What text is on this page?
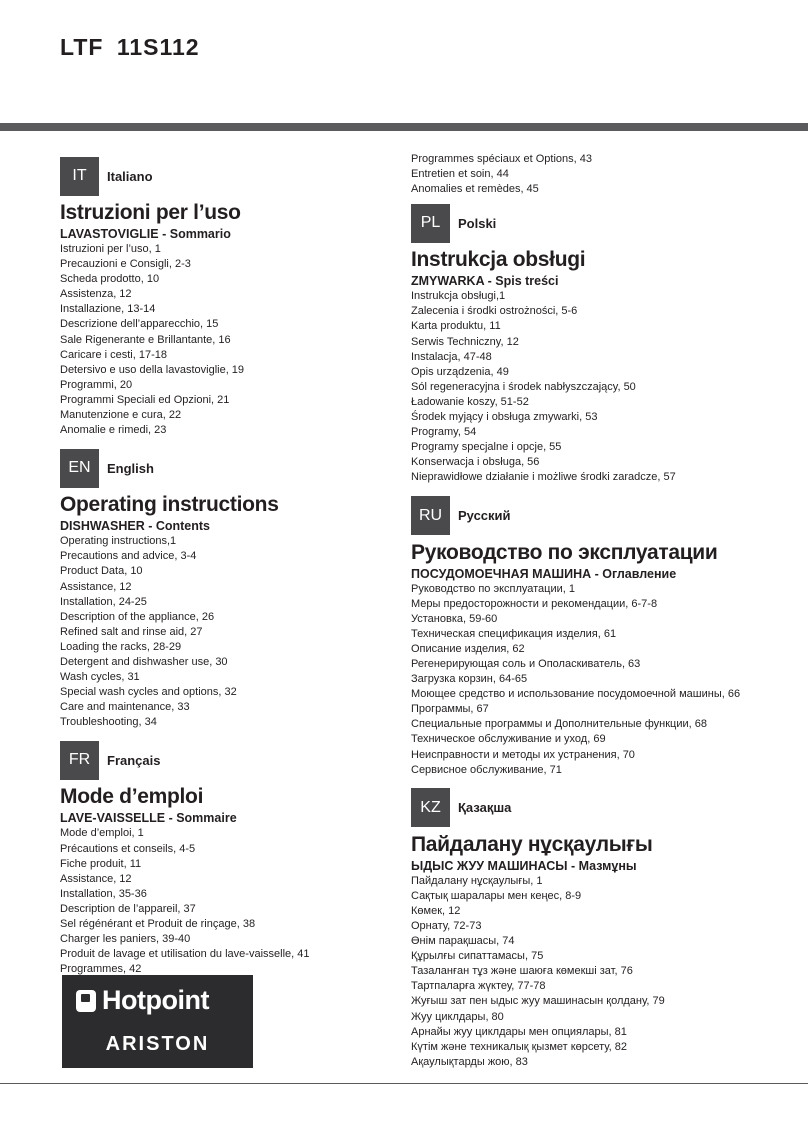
LTF 11S112
IT	Italiano
Istruzioni per l’uso
LAVASTOVIGLIE - Sommario
Istruzioni per l’uso, 1
Precauzioni e Consigli, 2-3
Scheda prodotto, 10
Assistenza, 12
Installazione, 13-14
Descrizione dell’apparecchio, 15
Sale Rigenerante e Brillantante, 16
Caricare i cesti, 17-18
Detersivo e uso della lavastoviglie, 19
Programmi, 20
Programmi Speciali ed Opzioni, 21
Manutenzione e cura, 22
Anomalie e rimedi, 23
EN	English
Operating instructions
DISHWASHER - Contents
Operating instructions,1
Precautions and advice, 3-4
Product Data, 10
Assistance, 12
Installation, 24-25
Description of the appliance, 26
Refined salt and rinse aid, 27
Loading the racks, 28-29
Detergent and dishwasher use, 30
Wash cycles, 31
Special wash cycles and options, 32
Care and maintenance, 33
Troubleshooting, 34
FR	Français
Mode d’emploi
LAVE-VAISSELLE - Sommaire
Mode d’emploi, 1
Précautions et conseils, 4-5
Fiche produit, 11
Assistance, 12
Installation, 35-36
Description de l’appareil, 37
Sel régénérant et Produit de rinçage, 38
Charger les paniers, 39-40
Produit de lavage et utilisation du lave-vaisselle, 41
Programmes, 42
Programmes spéciaux et Options, 43
Entretien et soin, 44
Anomalies et remèdes, 45
PL	Polski
Instrukcja obsługi
ZMYWARKA - Spis treści
Instrukcja obsługi,1
Zalecenia i środki ostrożności, 5-6
Karta produktu, 11
Serwis Techniczny, 12
Instalacja, 47-48
Opis urządzenia, 49
Sól regeneracyjna i środek nabłyszczający, 50
Ładowanie koszy, 51-52
Środek myjący i obsługa zmywarki, 53
Programy, 54
Programy specjalne i opcje, 55
Konserwacja i obsługa, 56
Nieprawidłowe działanie i możliwe środki zaradcze, 57
RU	Русский
Руководство по эксплуатации
ПОСУДОМОЕЧНАЯ МАШИНА - Оглавление
Руководство по эксплуатации, 1
Меры предосторожности и рекомендации, 6-7-8
Установка, 59-60
Техническая спецификация изделия, 61
Описание изделия, 62
Регенерирующая соль и Ополаскиватель, 63
Загрузка корзин, 64-65
Моющее средство и использование посудомоечной машины, 66
Программы, 67
Специальные программы и Дополнительные функции, 68
Техническое обслуживание и уход, 69
Неисправности и методы их устранения, 70
Сервисное обслуживание, 71
KZ	Қазақша
Пайдалану нұсқаулығы
ЫДЫС ЖУУ МАШИНАСЫ - Мазмұны
Пайдалану нұсқаулығы, 1
Сақтық шаралары мен кеңес, 8-9
Көмек, 12
Орнату, 72-73
Өнім парақшасы, 74
Құрылғы сипаттамасы, 75
Тазаланған тұз және шаюға көмекші зат, 76
Тартпаларға жүктеу, 77-78
Жуғыш зат пен ыдыс жуу машинасын қолдану, 79
Жуу циклдары, 80
Арнайы жуу циклдары мен опциялары, 81
Күтім және техникалық қызмет көрсету, 82
Ақаулықтарды жою, 83
Hotpoint
ARISTON
